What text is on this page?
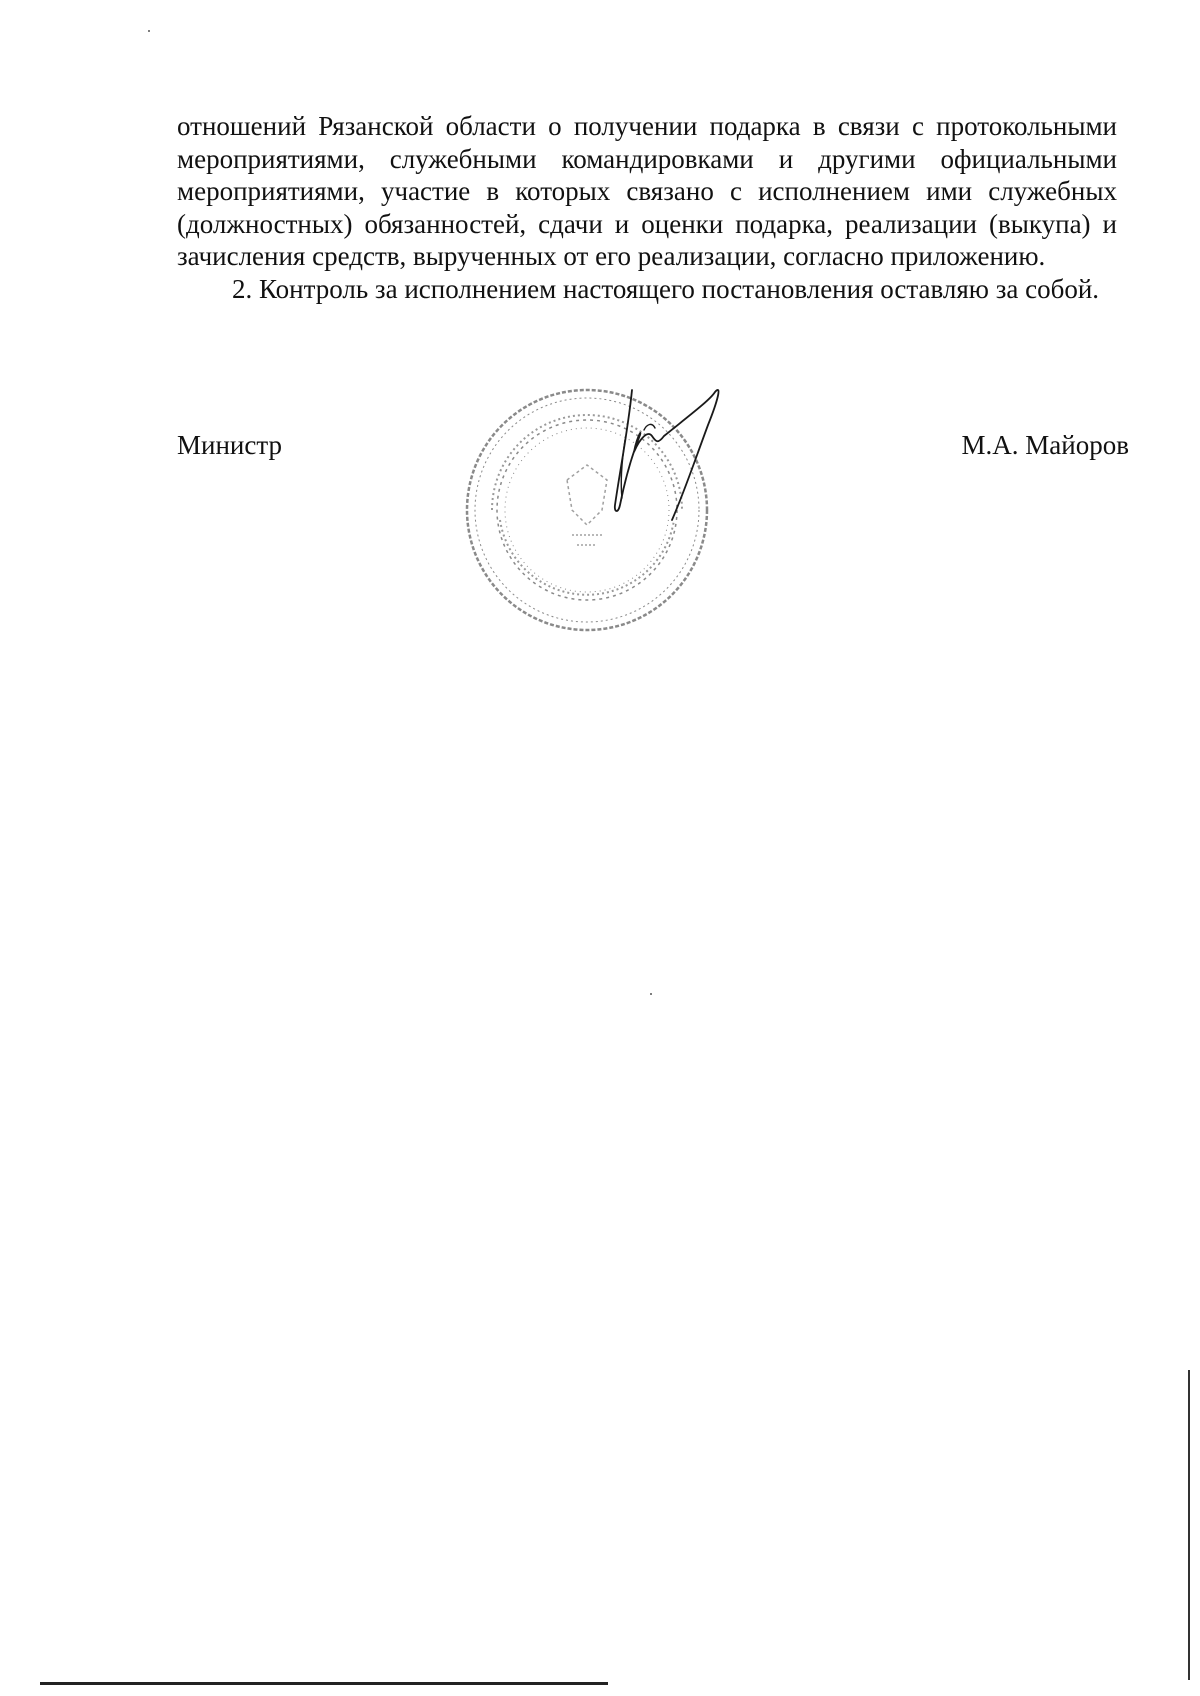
отношений Рязанской области о получении подарка в связи с протокольными мероприятиями, служебными командировками и другими официальными мероприятиями, участие в которых связано с исполнением ими служебных (должностных) обязанностей, сдачи и оценки подарка, реализации (выкупа) и зачисления средств, вырученных от его реализации, согласно приложению.

2. Контроль за исполнением настоящего постановления оставляю за собой.

Министр	М.А. Майоров
